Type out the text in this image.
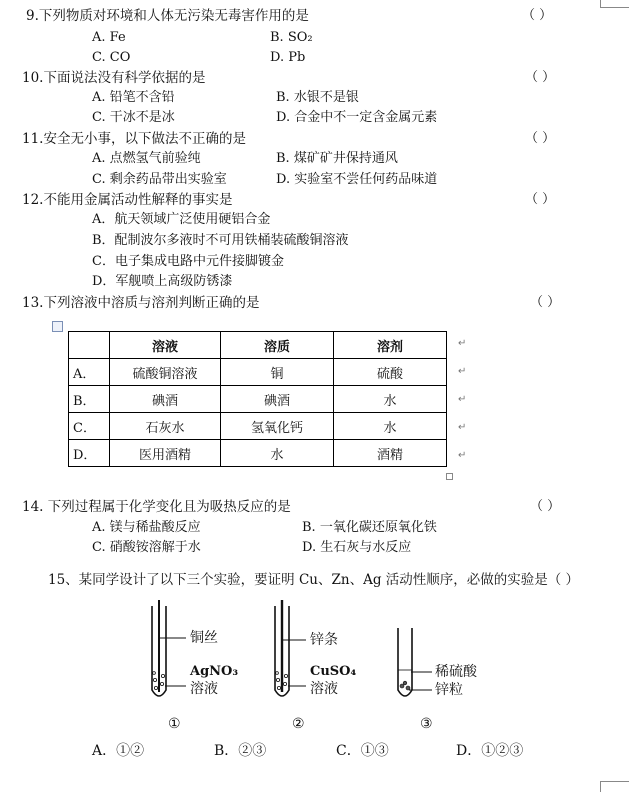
9.下列物质对环境和人体无污染无毒害作用的是	（ ）
A. Fe	B. SO₂
C. CO	D. Pb
10.下面说法没有科学依据的是	（ ）
A. 铅笔不含铅	B. 水银不是银
C. 干冰不是冰	D. 合金中不一定含金属元素
11.安全无小事，以下做法不正确的是	（ ）
A. 点燃氢气前验纯	B. 煤矿矿井保持通风
C. 剩余药品带出实验室	D. 实验室不尝任何药品味道
12.不能用金属活动性解释的事实是	（ ）
A．航天领域广泛使用硬铝合金
B．配制波尔多液时不可用铁桶装硫酸铜溶液
C．电子集成电路中元件接脚镀金
D．军舰喷上高级防锈漆
13.下列溶液中溶质与溶剂判断正确的是	（ ）
	溶液	溶质	溶剂
A．	硫酸铜溶液	铜	硫酸
B．	碘酒	碘酒	水
C．	石灰水	氢氧化钙	水
D．	医用酒精	水	酒精
↵
↵
↵
↵
↵
14. 下列过程属于化学变化且为吸热反应的是	（ ）
A. 镁与稀盐酸反应	B. 一氧化碳还原氧化铁
C. 硝酸铵溶解于水	D. 生石灰与水反应
15、某同学设计了以下三个实验，要证明 Cu、Zn、Ag 活动性顺序，必做的实验是（ ）
铜丝
AgNO₃
溶液
锌条
CuSO₄
溶液
稀硫酸
锌粒
①	②	③
A．①②	B．②③	C．①③	D．①②③
